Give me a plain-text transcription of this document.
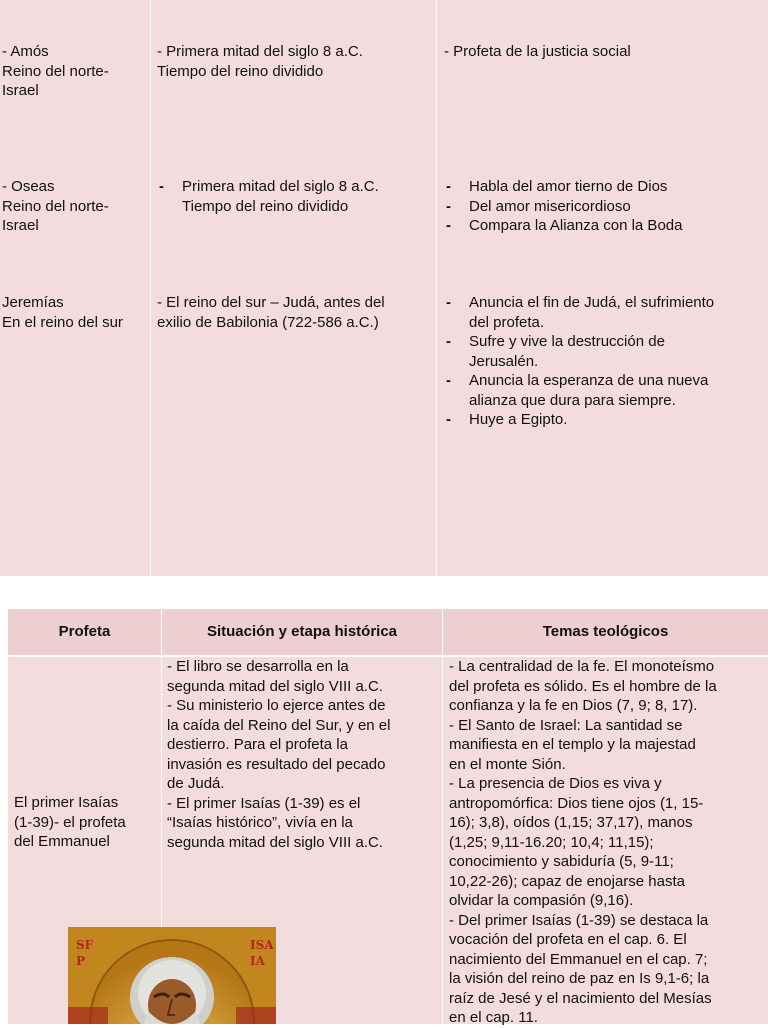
- Amós
Reino del norte-
Israel

- Primera mitad del siglo 8 a.C.
Tiempo del reino dividido

- Profeta de la justicia social

- Oseas
Reino del norte-
Israel

- Primera mitad del siglo 8 a.C.
Tiempo del reino dividido
- Habla del amor tierno de Dios
- Del amor misericordioso
- Compara la Alianza con la Boda

Jeremías
En el reino del sur

- El reino del sur – Judá, antes del
exilio de Babilonia (722-586 a.C.)

- Anuncia el fin de Judá, el sufrimiento
del profeta.
- Sufre y vive la destrucción de
Jerusalén.
- Anuncia la esperanza de una nueva
alianza que dura para siempre.
- Huye a Egipto.
Profeta	Situación y etapa histórica	Temas teológicos

El primer Isaías
(1-39)- el profeta
del Emmanuel

- El libro se desarrolla en la
segunda mitad del siglo VIII a.C.
- Su ministerio lo ejerce antes de
la caída del Reino del Sur, y en el
destierro. Para el profeta la
invasión es resultado del pecado
de Judá.
- El primer Isaías (1-39) es el
“Isaías histórico”, vivía en la
segunda mitad del siglo VIII a.C.

- La centralidad de la fe. El monoteísmo
del profeta es sólido. Es el hombre de la
confianza y la fe en Dios (7, 9; 8, 17).
- El Santo de Israel: La santidad se
manifiesta en el templo y la majestad
en el monte Sión.
- La presencia de Dios es viva y
antropomórfica: Dios tiene ojos (1, 15-
16); 3,8), oídos (1,15; 37,17), manos
(1,25; 9,11-16.20; 10,4; 11,15);
conocimiento y sabiduría (5, 9-11;
10,22-26); capaz de enojarse hasta
olvidar la compasión (9,16).
- Del primer Isaías (1-39) se destaca la
vocación del profeta en el cap. 6. El
nacimiento del Emmanuel en el cap. 7;
la visión del reino de paz en Is 9,1-6; la
raíz de Jesé y el nacimiento del Mesías
en el cap. 11.

SF
P
ISA
IA
